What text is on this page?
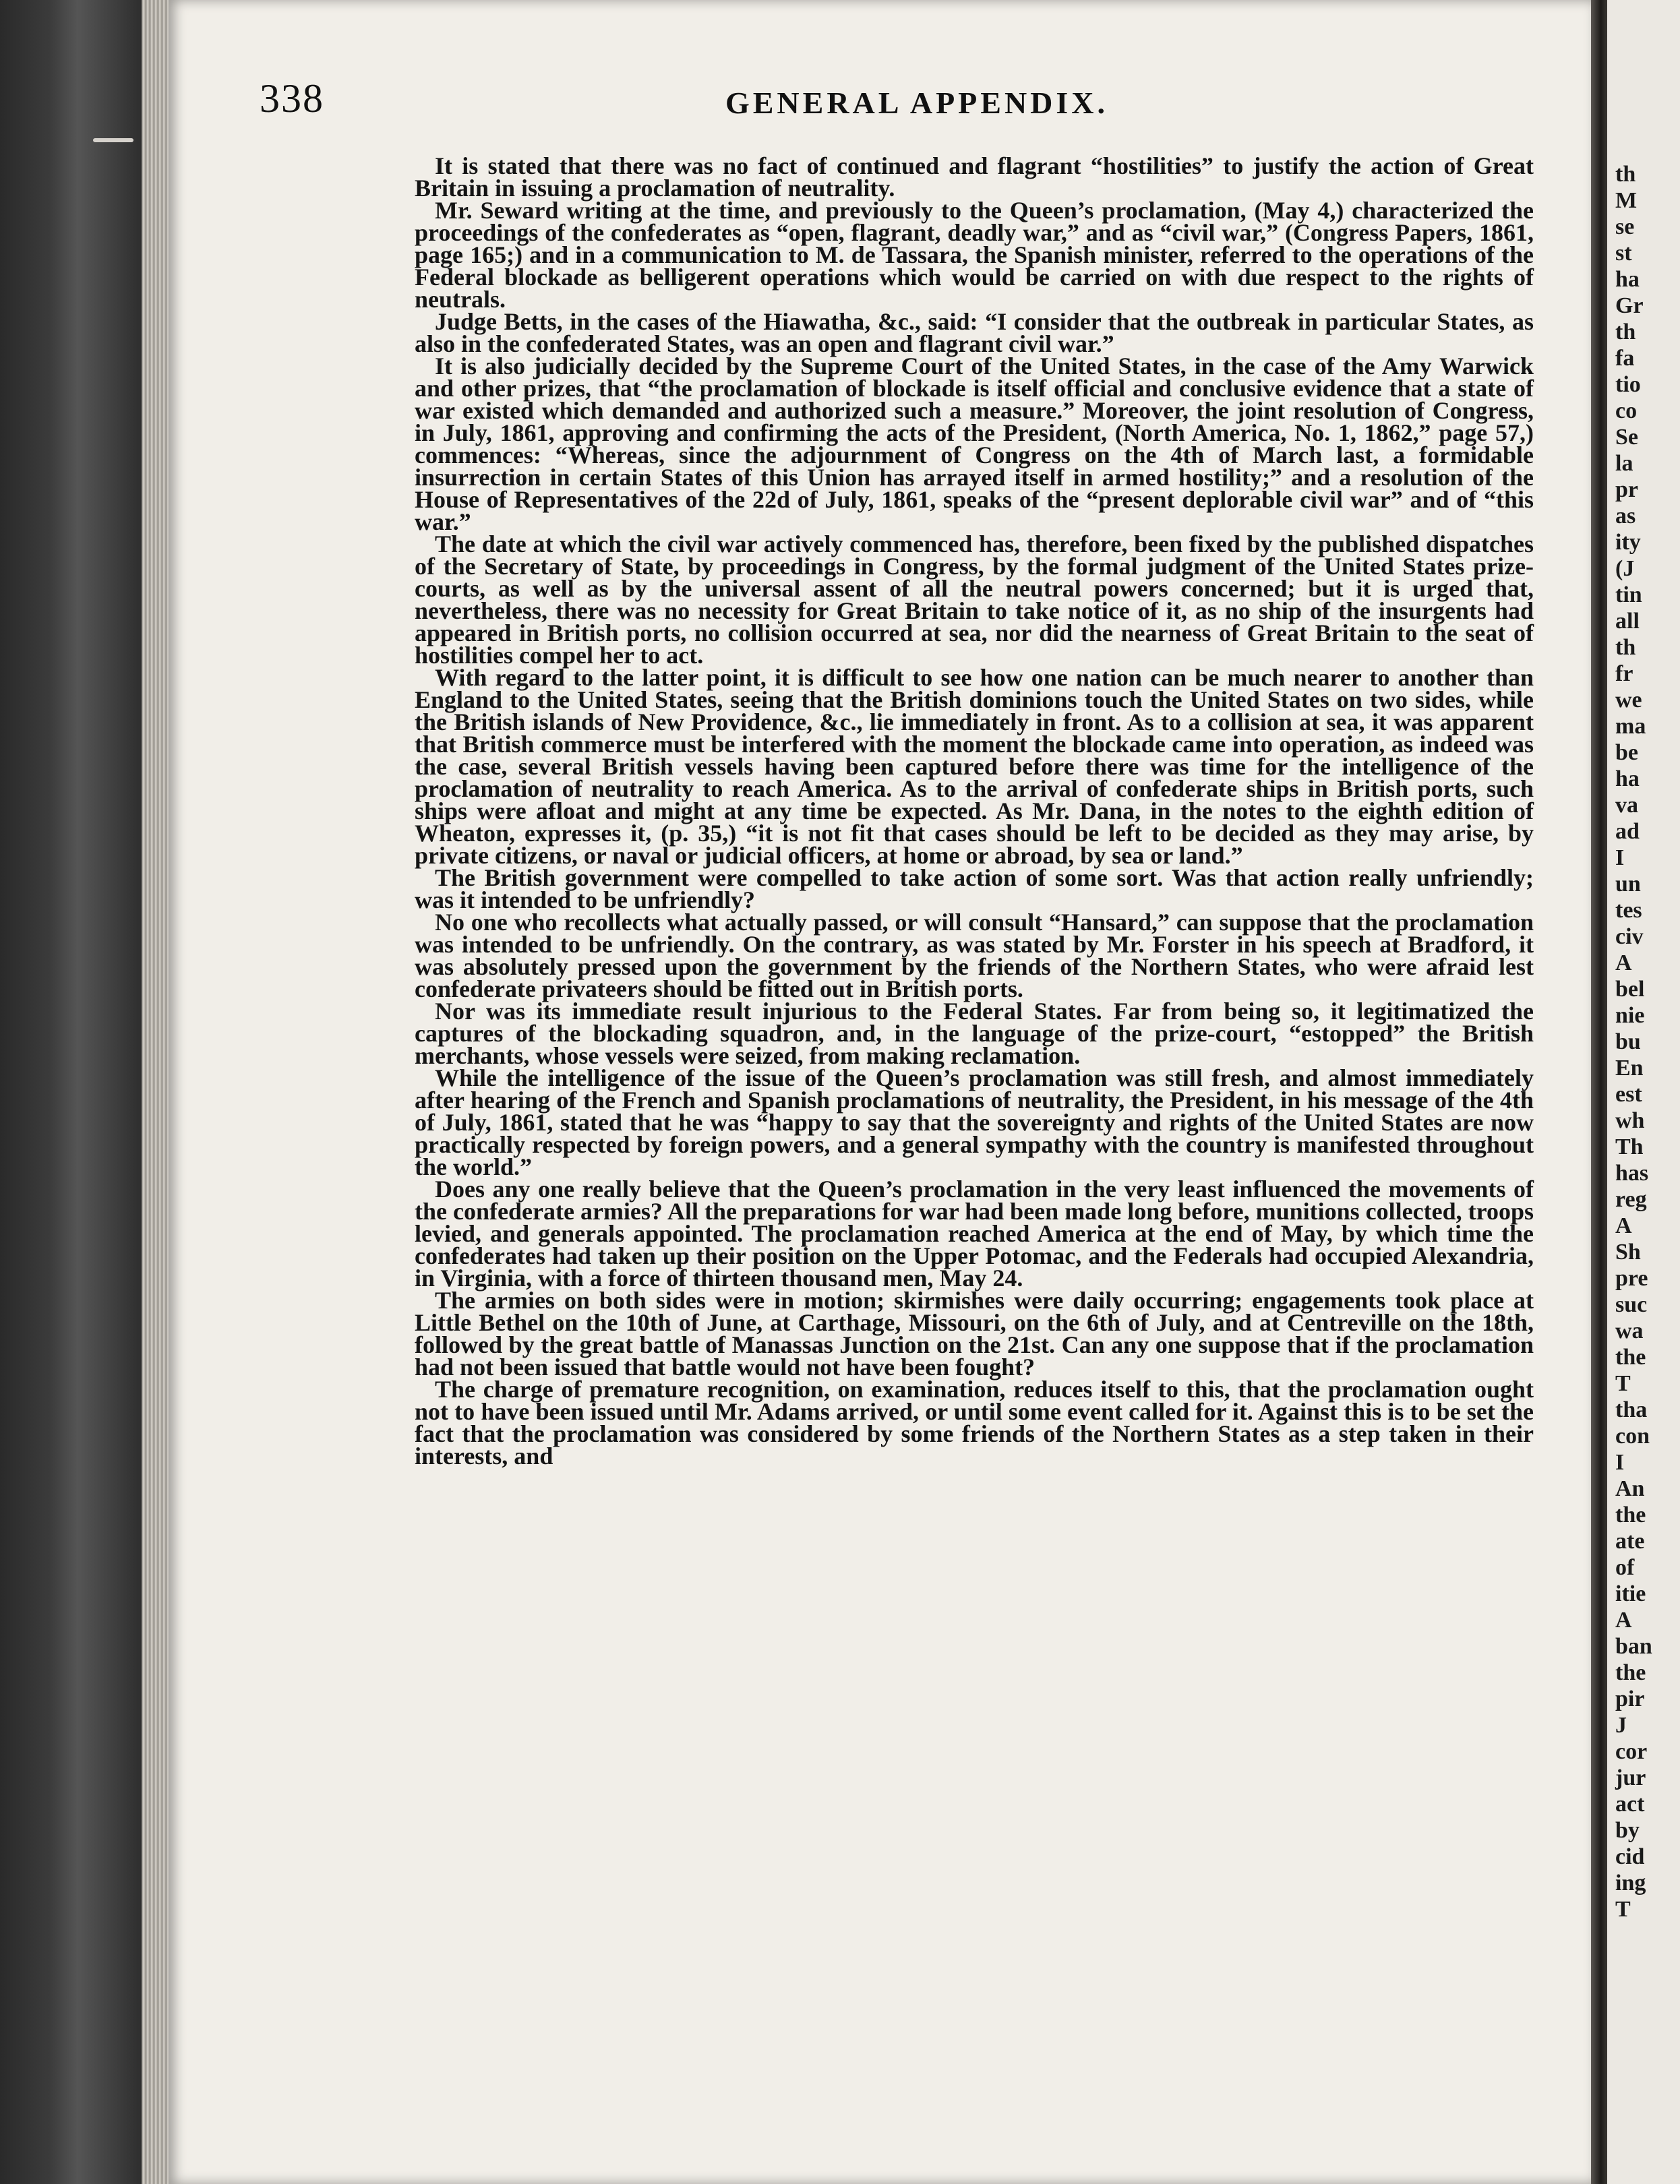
338	GENERAL APPENDIX.

It is stated that there was no fact of continued and flagrant “hostilities” to justify the action of Great Britain in issuing a proclamation of neutrality.

Mr. Seward writing at the time, and previously to the Queen’s proclamation, (May 4,) characterized the proceedings of the confederates as “open, flagrant, deadly war,” and as “civil war,” (Congress Papers, 1861, page 165;) and in a communication to M. de Tassara, the Spanish minister, referred to the operations of the Federal blockade as belligerent operations which would be carried on with due respect to the rights of neutrals.

Judge Betts, in the cases of the Hiawatha, &c., said: “I consider that the outbreak in particular States, as also in the confederated States, was an open and flagrant civil war.”

It is also judicially decided by the Supreme Court of the United States, in the case of the Amy Warwick and other prizes, that “the proclamation of blockade is itself official and conclusive evidence that a state of war existed which demanded and authorized such a measure.” Moreover, the joint resolution of Congress, in July, 1861, approving and confirming the acts of the President, (North America, No. 1, 1862,” page 57,) commences: “Whereas, since the adjournment of Congress on the 4th of March last, a formidable insurrection in certain States of this Union has arrayed itself in armed hostility;” and a resolution of the House of Representatives of the 22d of July, 1861, speaks of the “present deplorable civil war” and of “this war.”

The date at which the civil war actively commenced has, therefore, been fixed by the published dispatches of the Secretary of State, by proceedings in Congress, by the formal judgment of the United States prize-courts, as well as by the universal assent of all the neutral powers concerned; but it is urged that, nevertheless, there was no necessity for Great Britain to take notice of it, as no ship of the insurgents had appeared in British ports, no collision occurred at sea, nor did the nearness of Great Britain to the seat of hostilities compel her to act.

With regard to the latter point, it is difficult to see how one nation can be much nearer to another than England to the United States, seeing that the British dominions touch the United States on two sides, while the British islands of New Providence, &c., lie immediately in front. As to a collision at sea, it was apparent that British commerce must be interfered with the moment the blockade came into operation, as indeed was the case, several British vessels having been captured before there was time for the intelligence of the proclamation of neutrality to reach America. As to the arrival of confederate ships in British ports, such ships were afloat and might at any time be expected. As Mr. Dana, in the notes to the eighth edition of Wheaton, expresses it, (p. 35,) “it is not fit that cases should be left to be decided as they may arise, by private citizens, or naval or judicial officers, at home or abroad, by sea or land.”

The British government were compelled to take action of some sort. Was that action really unfriendly; was it intended to be unfriendly?

No one who recollects what actually passed, or will consult “Hansard,” can suppose that the proclamation was intended to be unfriendly. On the contrary, as was stated by Mr. Forster in his speech at Bradford, it was absolutely pressed upon the government by the friends of the Northern States, who were afraid lest confederate privateers should be fitted out in British ports.

Nor was its immediate result injurious to the Federal States. Far from being so, it legitimatized the captures of the blockading squadron, and, in the language of the prize-court, “estopped” the British merchants, whose vessels were seized, from making reclamation.

While the intelligence of the issue of the Queen’s proclamation was still fresh, and almost immediately after hearing of the French and Spanish proclamations of neutrality, the President, in his message of the 4th of July, 1861, stated that he was “happy to say that the sovereignty and rights of the United States are now practically respected by foreign powers, and a general sympathy with the country is manifested throughout the world.”

Does any one really believe that the Queen’s proclamation in the very least influenced the movements of the confederate armies? All the preparations for war had been made long before, munitions collected, troops levied, and generals appointed. The proclamation reached America at the end of May, by which time the confederates had taken up their position on the Upper Potomac, and the Federals had occupied Alexandria, in Virginia, with a force of thirteen thousand men, May 24.

The armies on both sides were in motion; skirmishes were daily occurring; engagements took place at Little Bethel on the 10th of June, at Carthage, Missouri, on the 6th of July, and at Centreville on the 18th, followed by the great battle of Manassas Junction on the 21st. Can any one suppose that if the proclamation had not been issued that battle would not have been fought?

The charge of premature recognition, on examination, reduces itself to this, that the proclamation ought not to have been issued until Mr. Adams arrived, or until some event called for it. Against this is to be set the fact that the proclamation was considered by some friends of the Northern States as a step taken in their interests, and

th
M
se
st
ha
Gr
th
fa
tio
co
Se
la
pr
as
ity
(J
tin
all
th
fr
we
ma
be
ha
va
ad
I
un
tes
civ
A
bel
nie
bu
En
est
wh
Th
has
reg
A
Sh
pre
suc
wa
the
T
tha
con
I
An
the
ate
of
itie
A
ban
the
pir
J
cor
jur
act
by
cid
ing
T
